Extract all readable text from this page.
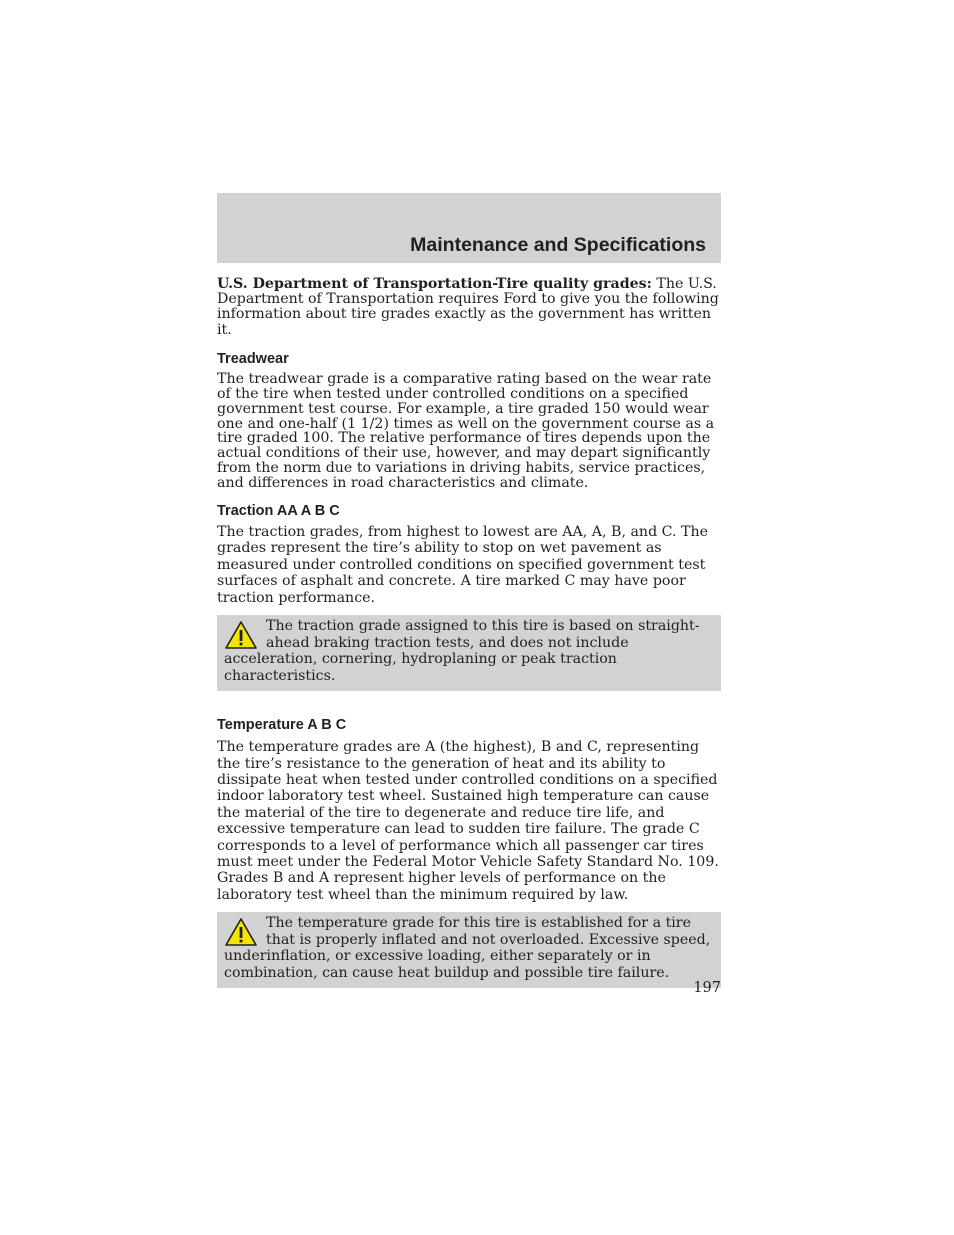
Maintenance and Specifications

U.S. Department of Transportation-Tire quality grades: The U.S. Department of Transportation requires Ford to give you the following information about tire grades exactly as the government has written it.

Treadwear

The treadwear grade is a comparative rating based on the wear rate of the tire when tested under controlled conditions on a specified government test course. For example, a tire graded 150 would wear one and one-half (1 1/2) times as well on the government course as a tire graded 100. The relative performance of tires depends upon the actual conditions of their use, however, and may depart significantly from the norm due to variations in driving habits, service practices, and differences in road characteristics and climate.

Traction AA A B C

The traction grades, from highest to lowest are AA, A, B, and C. The grades represent the tire’s ability to stop on wet pavement as measured under controlled conditions on specified government test surfaces of asphalt and concrete. A tire marked C may have poor traction performance.

The traction grade assigned to this tire is based on straight-ahead braking traction tests, and does not include acceleration, cornering, hydroplaning or peak traction characteristics.
Temperature A B C

The temperature grades are A (the highest), B and C, representing the tire’s resistance to the generation of heat and its ability to dissipate heat when tested under controlled conditions on a specified indoor laboratory test wheel. Sustained high temperature can cause the material of the tire to degenerate and reduce tire life, and excessive temperature can lead to sudden tire failure. The grade C corresponds to a level of performance which all passenger car tires must meet under the Federal Motor Vehicle Safety Standard No. 109. Grades B and A represent higher levels of performance on the laboratory test wheel than the minimum required by law.

The temperature grade for this tire is established for a tire that is properly inflated and not overloaded. Excessive speed, underinflation, or excessive loading, either separately or in combination, can cause heat buildup and possible tire failure.
197
